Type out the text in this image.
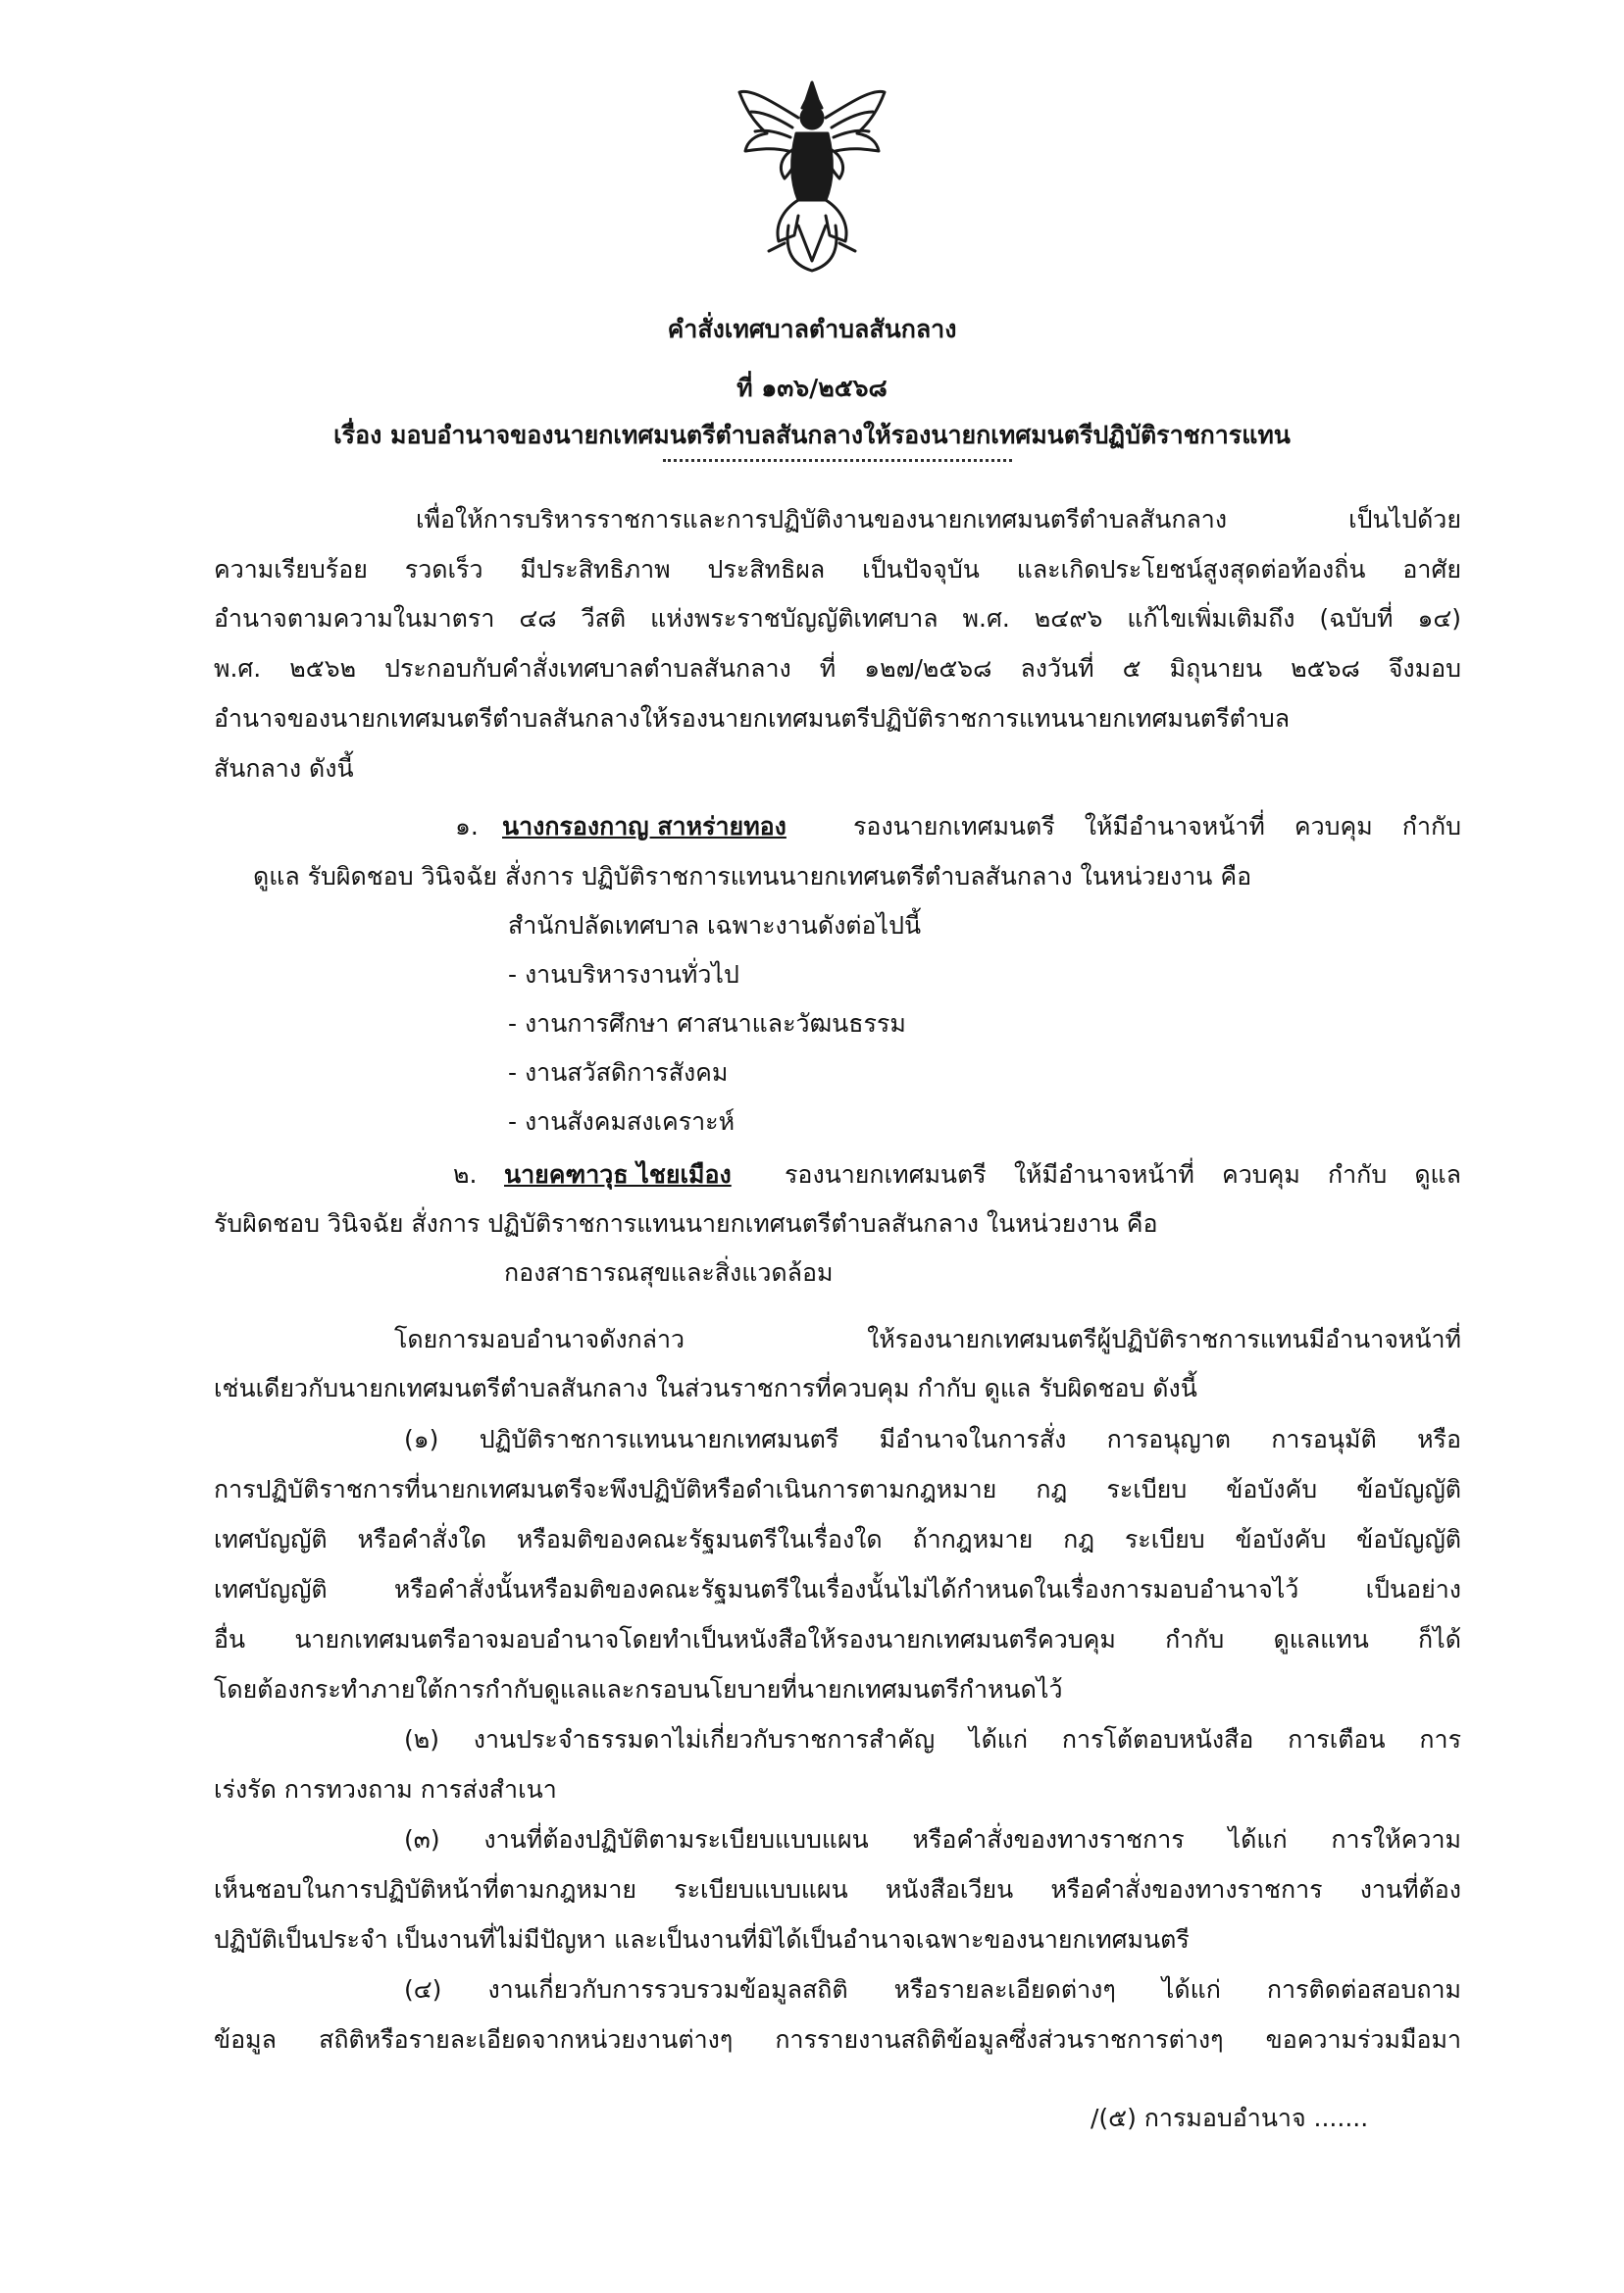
คำสั่งเทศบาลตำบลสันกลาง
ที่ ๑๓๖/๒๕๖๘
เรื่อง มอบอำนาจของนายกเทศมนตรีตำบลสันกลางให้รองนายกเทศมนตรีปฏิบัติราชการแทน
เพื่อให้การบริหารราชการและการปฏิบัติงานของนายกเทศมนตรีตำบลสันกลาง เป็นไปด้วย
ความเรียบร้อย รวดเร็ว มีประสิทธิภาพ ประสิทธิผล เป็นปัจจุบัน และเกิดประโยชน์สูงสุดต่อท้องถิ่น อาศัย
อำนาจตามความในมาตรา ๔๘ วีสติ แห่งพระราชบัญญัติเทศบาล พ.ศ. ๒๔๙๖ แก้ไขเพิ่มเติมถึง (ฉบับที่ ๑๔)
พ.ศ. ๒๕๖๒ ประกอบกับคำสั่งเทศบาลตำบลสันกลาง ที่ ๑๒๗/๒๕๖๘ ลงวันที่ ๕ มิถุนายน ๒๕๖๘ จึงมอบ
อำนาจของนายกเทศมนตรีตำบลสันกลางให้รองนายกเทศมนตรีปฏิบัติราชการแทนนายกเทศมนตรีตำบล
สันกลาง ดังนี้
๑. นางกรองกาญ สาหร่ายทอง	รองนายกเทศมนตรี ให้มีอำนาจหน้าที่ ควบคุม กำกับ
ดูแล รับผิดชอบ วินิจฉัย สั่งการ ปฏิบัติราชการแทนนายกเทศนตรีตำบลสันกลาง ในหน่วยงาน คือ
สำนักปลัดเทศบาล เฉพาะงานดังต่อไปนี้
- งานบริหารงานทั่วไป
- งานการศึกษา ศาสนาและวัฒนธรรม
- งานสวัสดิการสังคม
- งานสังคมสงเคราะห์
๒. นายคฑาวุธ ไชยเมือง รองนายกเทศมนตรี ให้มีอำนาจหน้าที่ ควบคุม กำกับ ดูแล
รับผิดชอบ วินิจฉัย สั่งการ ปฏิบัติราชการแทนนายกเทศนตรีตำบลสันกลาง ในหน่วยงาน คือ
กองสาธารณสุขและสิ่งแวดล้อม
โดยการมอบอำนาจดังกล่าว ให้รองนายกเทศมนตรีผู้ปฏิบัติราชการแทนมีอำนาจหน้าที่
เช่นเดียวกับนายกเทศมนตรีตำบลสันกลาง ในส่วนราชการที่ควบคุม กำกับ ดูแล รับผิดชอบ ดังนี้
(๑) ปฏิบัติราชการแทนนายกเทศมนตรี มีอำนาจในการสั่ง การอนุญาต การอนุมัติ หรือ
การปฏิบัติราชการที่นายกเทศมนตรีจะพึงปฏิบัติหรือดำเนินการตามกฎหมาย กฎ ระเบียบ ข้อบังคับ ข้อบัญญัติ
เทศบัญญัติ หรือคำสั่งใด หรือมติของคณะรัฐมนตรีในเรื่องใด ถ้ากฎหมาย กฎ ระเบียบ ข้อบังคับ ข้อบัญญัติ
เทศบัญญัติ หรือคำสั่งนั้นหรือมติของคณะรัฐมนตรีในเรื่องนั้นไม่ได้กำหนดในเรื่องการมอบอำนาจไว้ เป็นอย่าง
อื่น นายกเทศมนตรีอาจมอบอำนาจโดยทำเป็นหนังสือให้รองนายกเทศมนตรีควบคุม กำกับ ดูแลแทน ก็ได้
โดยต้องกระทำภายใต้การกำกับดูแลและกรอบนโยบายที่นายกเทศมนตรีกำหนดไว้
(๒) งานประจำธรรมดาไม่เกี่ยวกับราชการสำคัญ ได้แก่ การโต้ตอบหนังสือ การเตือน การ
เร่งรัด การทวงถาม การส่งสำเนา
(๓) งานที่ต้องปฏิบัติตามระเบียบแบบแผน หรือคำสั่งของทางราชการ ได้แก่ การให้ความ
เห็นชอบในการปฏิบัติหน้าที่ตามกฎหมาย ระเบียบแบบแผน หนังสือเวียน หรือคำสั่งของทางราชการ งานที่ต้อง
ปฏิบัติเป็นประจำ เป็นงานที่ไม่มีปัญหา และเป็นงานที่มิได้เป็นอำนาจเฉพาะของนายกเทศมนตรี
(๔) งานเกี่ยวกับการรวบรวมข้อมูลสถิติ หรือรายละเอียดต่างๆ ได้แก่ การติดต่อสอบถาม
ข้อมูล สถิติหรือรายละเอียดจากหน่วยงานต่างๆ การรายงานสถิติข้อมูลซึ่งส่วนราชการต่างๆ ขอความร่วมมือมา
/(๕) การมอบอำนาจ .......
